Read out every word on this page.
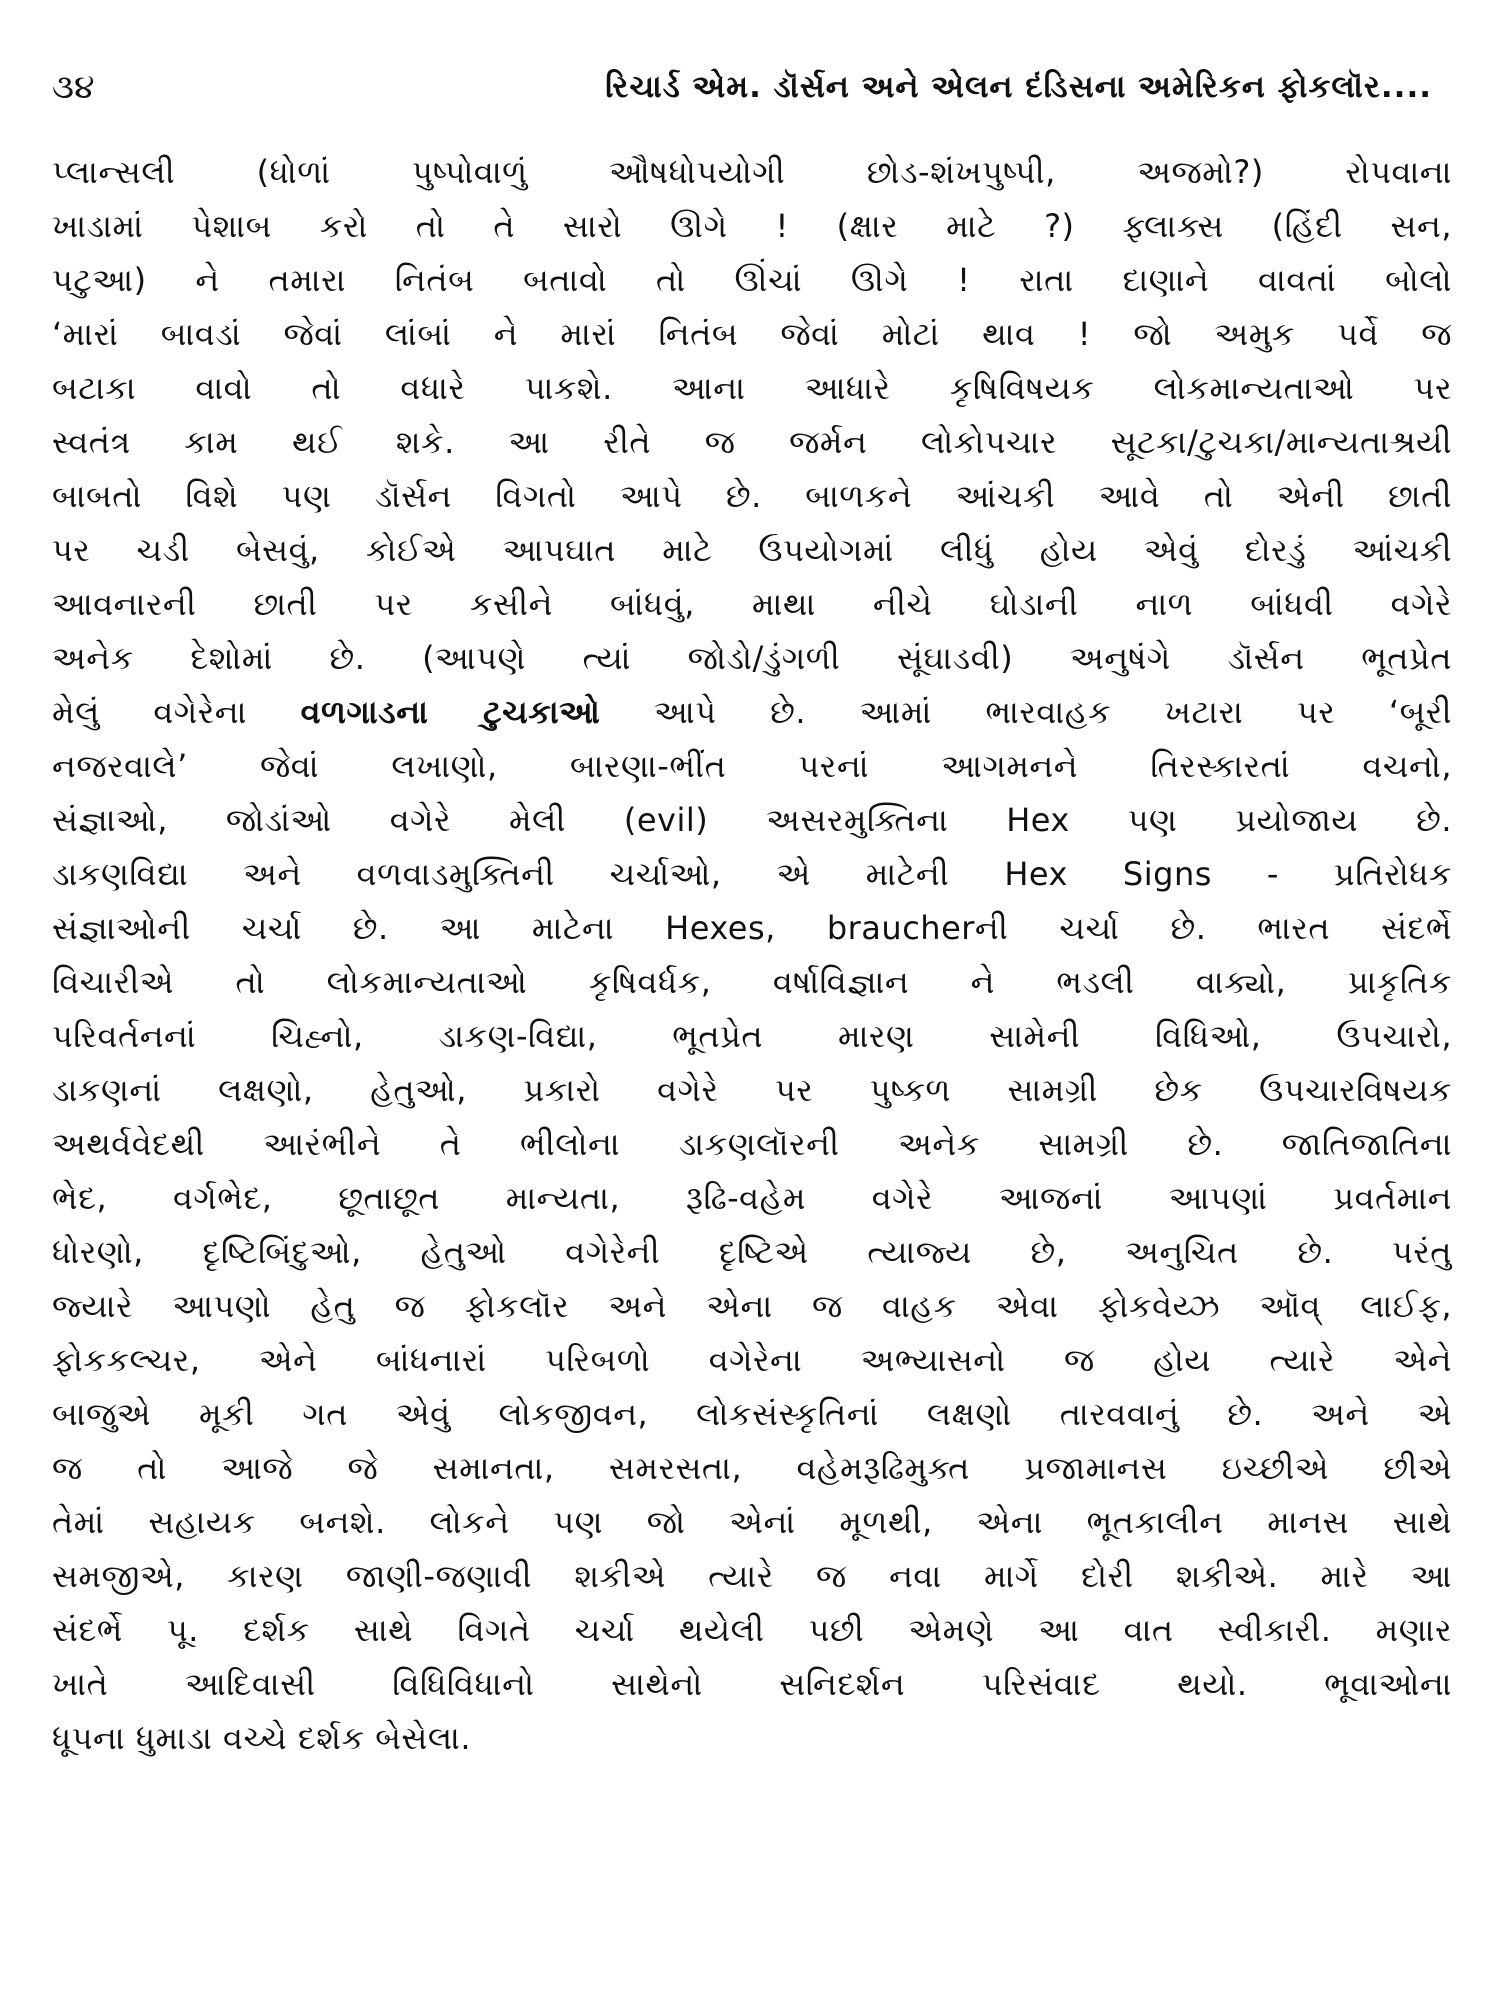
૩૪	રિચાર્ડ એમ. ડૉર્સન અને એલન દંડિસના અમેરિકન ફોકલૉર....
પ્લાન્સલી (ધોળાં પુષ્પોવાળું ઔષધોપયોગી છોડ-શંખપુષ્પી, અજમો?) રોપવાના
ખાડામાં પેશાબ કરો તો તે સારો ઊગે ! (ક્ષાર માટે ?) ફ્લાક્સ (હિંદી સન,
પટુઆ) ને તમારા નિતંબ બતાવો તો ઊંચાં ઊગે ! રાતા દાણાને વાવતાં બોલો
‘મારાં બાવડાં જેવાં લાંબાં ને મારાં નિતંબ જેવાં મોટાં થાવ ! જો અમુક પર્વે જ
બટાકા વાવો તો વધારે પાકશે. આના આધારે કૃષિવિષયક લોકમાન્યતાઓ પર
સ્વતંત્ર કામ થઈ શકે. આ રીતે જ જર્મન લોકોપચાર સૂટકા/ટુચકા/માન્યતાશ્રયી
બાબતો વિશે પણ ડૉર્સન વિગતો આપે છે. બાળકને આંચકી આવે તો એની છાતી
પર ચડી બેસવું, કોઈએ આપઘાત માટે ઉપયોગમાં લીધું હોય એવું દોરડું આંચકી
આવનારની છાતી પર કસીને બાંધવું, માથા નીચે ઘોડાની નાળ બાંધવી વગેરે
અનેક દેશોમાં છે. (આપણે ત્યાં જોડો/ડુંગળી સૂંઘાડવી) અનુષંગે ડૉર્સન ભૂતપ્રેત
મેલું વગેરેના વળગાડના ટુચકાઓ આપે છે. આમાં ભારવાહક ખટારા પર ‘બૂરી
નજરવાલે’ જેવાં લખાણો, બારણા-ભીંત પરનાં આગમનને તિરસ્કારતાં વચનો,
સંજ્ઞાઓ, જોડાંઓ વગેરે મેલી (evil) અસરમુક્તિના Hex પણ પ્રયોજાય છે.
ડાકણવિદ્યા અને વળવાડમુક્તિની ચર્ચાઓ, એ માટેની Hex Signs - પ્રતિરોધક
સંજ્ઞાઓની ચર્ચા છે. આ માટેના Hexes, braucherની ચર્ચા છે. ભારત સંદર્ભે
વિચારીએ તો લોકમાન્યતાઓ કૃષિવર્ધક, વર્ષાવિજ્ઞાન ને ભડલી વાક્યો, પ્રાકૃતિક
પરિવર્તનનાં ચિહ્નો, ડાકણ-વિદ્યા, ભૂતપ્રેત મારણ સામેની વિધિઓ, ઉપચારો,
ડાકણનાં લક્ષણો, હેતુઓ, પ્રકારો વગેરે પર પુષ્કળ સામગ્રી છેક ઉપચારવિષયક
અથર્વવેદથી આરંભીને તે ભીલોના ડાકણલૉરની અનેક સામગ્રી છે. જાતિજાતિના
ભેદ, વર્ગભેદ, છૂતાછૂત માન્યતા, રૂઢિ-વહેમ વગેરે આજનાં આપણાં પ્રવર્તમાન
ધોરણો, દૃષ્ટિબિંદુઓ, હેતુઓ વગેરેની દૃષ્ટિએ ત્યાજ્ય છે, અનુચિત છે. પરંતુ
જ્યારે આપણો હેતુ જ ફોકલૉર અને એના જ વાહક એવા ફોકવેય્ઝ ઑવ્ લાઈફ,
ફોકકલ્ચર, એને બાંધનારાં પરિબળો વગેરેના અભ્યાસનો જ હોય ત્યારે એને
બાજુએ મૂકી ગત એવું લોકજીવન, લોકસંસ્કૃતિનાં લક્ષણો તારવવાનું છે. અને એ
જ તો આજે જે સમાનતા, સમરસતા, વહેમરૂઢિમુક્ત પ્રજામાનસ ઇચ્છીએ છીએ
તેમાં સહાયક બનશે. લોકને પણ જો એનાં મૂળથી, એના ભૂતકાલીન માનસ સાથે
સમજીએ, કારણ જાણી-જણાવી શકીએ ત્યારે જ નવા માર્ગે દોરી શકીએ. મારે આ
સંદર્ભે પૂ. દર્શક સાથે વિગતે ચર્ચા થયેલી પછી એમણે આ વાત સ્વીકારી. મણાર
ખાતે આદિવાસી વિધિવિધાનો સાથેનો સનિદર્શન પરિસંવાદ થયો. ભૂવાઓના
ધૂપના ધુમાડા વચ્ચે દર્શક બેસેલા.
